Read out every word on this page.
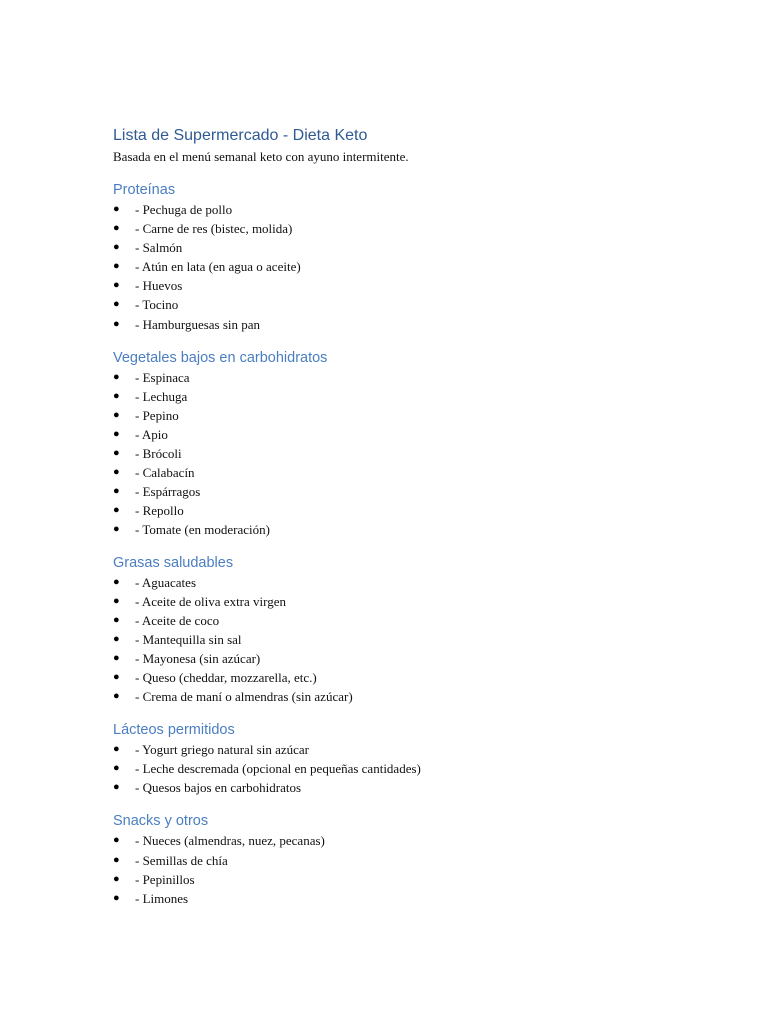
Lista de Supermercado - Dieta Keto

Basada en el menú semanal keto con ayuno intermitente.

Proteínas
● - Pechuga de pollo
● - Carne de res (bistec, molida)
● - Salmón
● - Atún en lata (en agua o aceite)
● - Huevos
● - Tocino
● - Hamburguesas sin pan
Vegetales bajos en carbohidratos
● - Espinaca
● - Lechuga
● - Pepino
● - Apio
● - Brócoli
● - Calabacín
● - Espárragos
● - Repollo
● - Tomate (en moderación)
Grasas saludables
● - Aguacates
● - Aceite de oliva extra virgen
● - Aceite de coco
● - Mantequilla sin sal
● - Mayonesa (sin azúcar)
● - Queso (cheddar, mozzarella, etc.)
● - Crema de maní o almendras (sin azúcar)
Lácteos permitidos
● - Yogurt griego natural sin azúcar
● - Leche descremada (opcional en pequeñas cantidades)
● - Quesos bajos en carbohidratos
Snacks y otros
● - Nueces (almendras, nuez, pecanas)
● - Semillas de chía
● - Pepinillos
● - Limones
